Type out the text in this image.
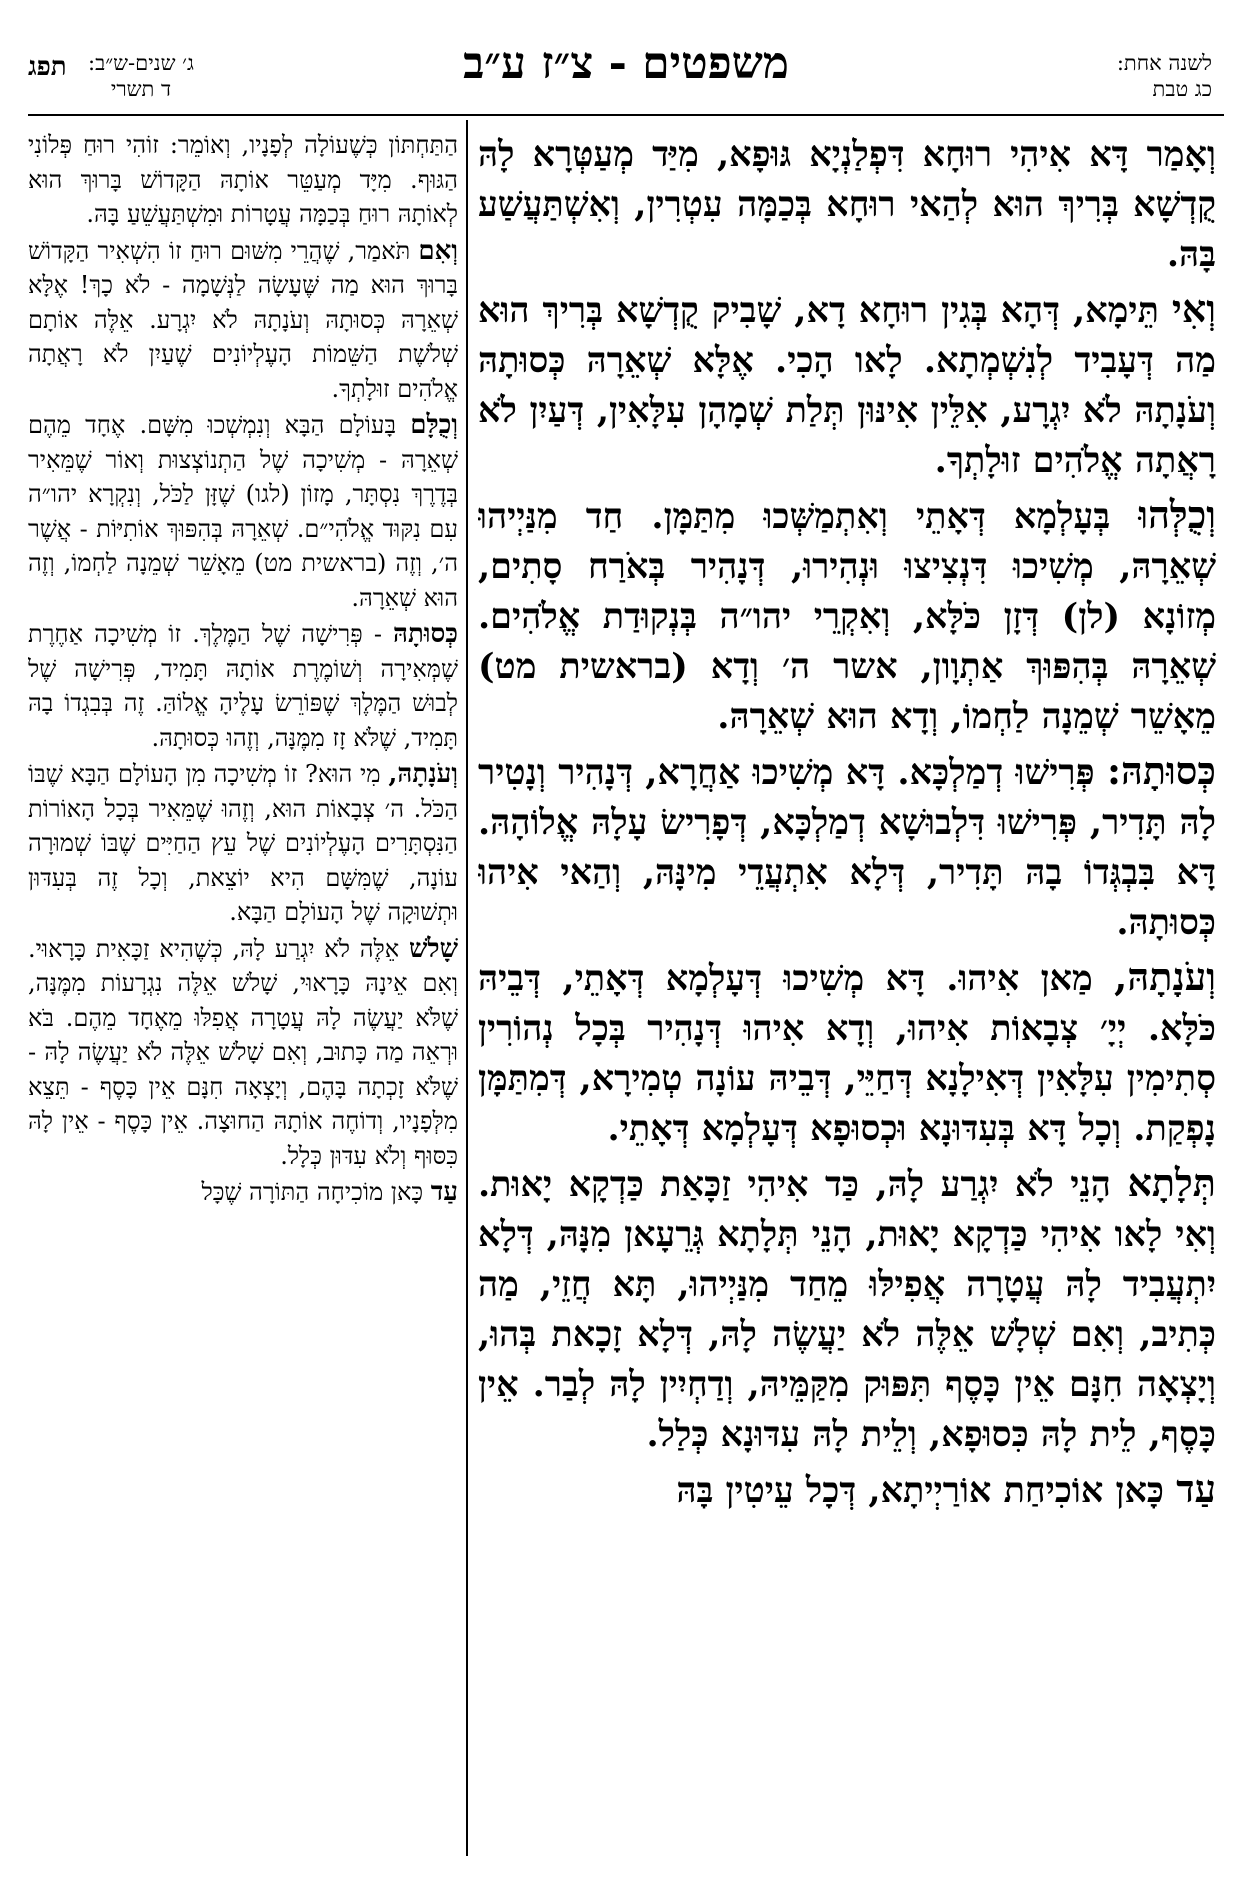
לשנה אחת:
כג טבת
משפטים - צ״ז ע״ב
ג׳ שנים-ש״ב:
ד תשרי
תפג

וְאָמַר דָּא אִיהִי רוּחָא דִּפְלַנְיָא גּוּפָא, מִיַּד מְעַטְּרָא לָהּ קֻדְשָׁא בְּרִיךְ הוּא לְהַאי רוּחָא בְּכַמָּה עִטְרִין, וְאִשְׁתַּעֲשַׁע בָּהּ.

וְאִי תֵּימָא, דְּהָא בְּגִין רוּחָא דָא, שָׁבִיק קֻדְשָׁא בְּרִיךְ הוּא מַה דְּעָבִיד לְנִשְׁמְתָא. לָאו הָכִי. אֶלָּא שְׁאֵרָהּ כְּסוּתָהּ וְעֹנָתָהּ לֹא יִגְרָע, אִלֵּין אִינּוּן תְּלַת שְׁמָהָן עִלָּאִין, דְּעַיִן לֹא רָאֲתָה אֱלֹהִים זוּלָתְךָ.

וְכֻלְּהוּ בְּעָלְמָא דְּאָתֵי וְאִתְמַשְּׁכוּ מִתַּמָּן. חַד מִנַּיְיהוּ שְׁאֵרָהּ, מְשִׁיכוּ דִּנְצִיצוּ וּנְהִירוּ, דְּנָהִיר בְּאֹרַח סָתִים, מְזוֹנָא (לן) דְּזָן כֹּלָּא, וְאִקְרֵי יהו״ה בְּנְקוּדַת אֱלֹהִים. שְׁאֵרָהּ בְּהִפּוּךְ אַתְוָון, אשר ה׳ וְדָא (בראשית מט) מֵאָשֵׁר שְׁמֵנָה לַחְמוֹ, וְדָא הוּא שְׁאֵרָהּ.

כְּסוּתָהּ: פְּרִישׁוּ דְמַלְכָּא. דָּא מְשִׁיכוּ אַחֲרָא, דְּנָהִיר וְנָטִיר לָהּ תָּדִיר, פְּרִישׁוּ דִּלְבוּשָׁא דְמַלְכָּא, דְּפָרִישׂ עָלָהּ אֱלוֹהָהּ. דָּא בִּבְגְּדוֹ בָהּ תָּדִיר, דְּלָא אִתְעֲדֵי מִינָּהּ, וְהַאי אִיהוּ כְּסוּתָהּ.

וְעֹנָתָהּ, מַאן אִיהוּ. דָּא מְשִׁיכוּ דְּעָלְמָא דְּאָתֵי, דְּבֵיהּ כֹּלָּא. יְיָ׳ צְבָאוֹת אִיהוּ, וְדָא אִיהוּ דְּנָהִיר בְּכָל נְהוֹרִין סְתִימִין עִלָּאִין דְּאִילָנָא דְּחַיֵּי, דְּבֵיהּ עוֹנָה טְמִירָא, דְּמִתַּמָּן נָפְקַת. וְכָל דָּא בְּעִדּוּנָא וּכְסוּפָא דְּעָלְמָא דְּאָתֵי.

תְּלָתָא הָנֵי לֹא יִגְרַע לָהּ, כַּד אִיהִי זַכָּאַת כַּדְקָא יָאוּת. וְאִי לָאו אִיהִי כַּדְקָא יָאוּת, הָנֵי תְּלָתָא גְּרֵעָאן מִנָּהּ, דְּלָא יִתְעֲבִיד לָהּ עֲטָרָה אֲפִילּוּ מֵחַד מִנַּיְיהוּ, תָּא חֲזֵי, מַה כְּתִיב, וְאִם שְׁלָשׁ אֵלֶּה לֹא יַעֲשֶׂה לָהּ, דְּלָא זָכָאת בְּהוּ, וְיָצְאָה חִנָּם אֵין כָּסֶף תִּפּוּק מִקַּמֵּיהּ, וְדַחְיִין לָהּ לְבַר. אֵין כָּסֶף, לֵית לָהּ כִּסוּפָא, וְלֵית לָהּ עִדּוּנָא כְּלַל.

עַד כָּאן אוֹכִיחַת אוֹרַיְיתָא, דְּכָל עֵיטִין בָּהּ

הַתַּחְתּוֹן כְּשֶׁעוֹלָה לְפָנָיו, וְאוֹמֵר: זוֹהִי רוּחַ פְּלוֹנִי הַגּוּף. מִיָּד מְעַטֵּר אוֹתָהּ הַקָּדוֹשׁ בָּרוּךְ הוּא לְאוֹתָהּ רוּחַ בְּכַמָּה עֲטָרוֹת וּמִשְׁתַּעֲשֵׁעַ בָּהּ.

וְאִם תֹּאמַר, שֶׁהֲרֵי מִשּׁוּם רוּחַ זוֹ הִשְׁאִיר הַקָּדוֹשׁ בָּרוּךְ הוּא מַה שֶּׁעָשָׂה לַנְּשָׁמָה - לֹא כָךְ! אֶלָּא שְׁאֵרָהּ כְּסוּתָהּ וְעֹנָתָהּ לֹא יִגְרָע. אֵלֶּה אוֹתָם שְׁלֹשֶׁת הַשֵּׁמוֹת הָעֶלְיוֹנִים שֶׁעַיִן לֹא רָאֲתָה אֱלֹהִים זוּלָתְךָ.

וְכֻלָּם בָּעוֹלָם הַבָּא וְנִמְשְׁכוּ מִשָּׁם. אֶחָד מֵהֶם שְׁאֵרָהּ - מְשִׁיכָה שֶׁל הַתְנוֹצְצוּת וְאוֹר שֶׁמֵּאִיר בְּדֶרֶךְ נִסְתָּר, מָזוֹן (לגו) שֶׁזָּן לַכֹּל, וְנִקְרָא יהו״ה עִם נִקּוּד אֱלֹהִי״ם. שְׁאֵרָהּ בְּהִפּוּךְ אוֹתִיּוֹת - אֲשֶׁר ה׳, וְזֶה (בראשית מט) מֵאָשֵׁר שְׁמֵנָה לַחְמוֹ, וְזֶה הוּא שְׁאֵרָהּ.

כְּסוּתָהּ - פְּרִישָׁה שֶׁל הַמֶּלֶךְ. זוֹ מְשִׁיכָה אַחֶרֶת שֶׁמְּאִירָה וְשׁוֹמֶרֶת אוֹתָהּ תָּמִיד, פְּרִישָׁה שֶׁל לְבוּשׁ הַמֶּלֶךְ שֶׁפּוֹרֵשׂ עָלֶיהָ אֱלוֹהַּ. זֶה בְּבִגְדוֹ בָהּ תָּמִיד, שֶׁלֹּא זָז מִמֶּנָּה, וְזֶהוּ כְּסוּתָהּ.

וְעֹנָתָהּ, מִי הוּא? זוֹ מְשִׁיכָה מִן הָעוֹלָם הַבָּא שֶׁבּוֹ הַכֹּל. ה׳ צְבָאוֹת הוּא, וְזֶהוּ שֶׁמֵּאִיר בְּכָל הָאוֹרוֹת הַנִּסְתָּרִים הָעֶלְיוֹנִים שֶׁל עֵץ הַחַיִּים שֶׁבּוֹ שְׁמוּרָה עוֹנָה, שֶׁמִּשָּׁם הִיא יוֹצֵאת, וְכָל זֶה בְּעִדּוּן וּתְשׁוּקָה שֶׁל הָעוֹלָם הַבָּא.

שָׁלֹשׁ אֵלֶּה לֹא יִגְרַע לָהּ, כְּשֶׁהִיא זַכָּאִית כָּרָאוּי. וְאִם אֵינָהּ כָּרָאוּי, שָׁלֹשׁ אֵלֶּה נִגְרָעוֹת מִמֶּנָּה, שֶׁלֹּא יַעֲשֶׂה לָהּ עֲטָרָה אֲפִלּוּ מֵאֶחָד מֵהֶם. בֹּא וּרְאֵה מַה כָּתוּב, וְאִם שָׁלֹשׁ אֵלֶּה לֹא יַעֲשֶׂה לָהּ - שֶׁלֹּא זָכְתָה בָּהֶם, וְיָצְאָה חִנָּם אֵין כָּסֶף - תֵּצֵא מִלְּפָנָיו, וְדוֹחֶה אוֹתָהּ הַחוּצָה. אֵין כָּסֶף - אֵין לָהּ כִּסּוּף וְלֹא עִדּוּן כְּלָל.

עַד כָּאן מוֹכִיחָה הַתּוֹרָה שֶׁכָּל
